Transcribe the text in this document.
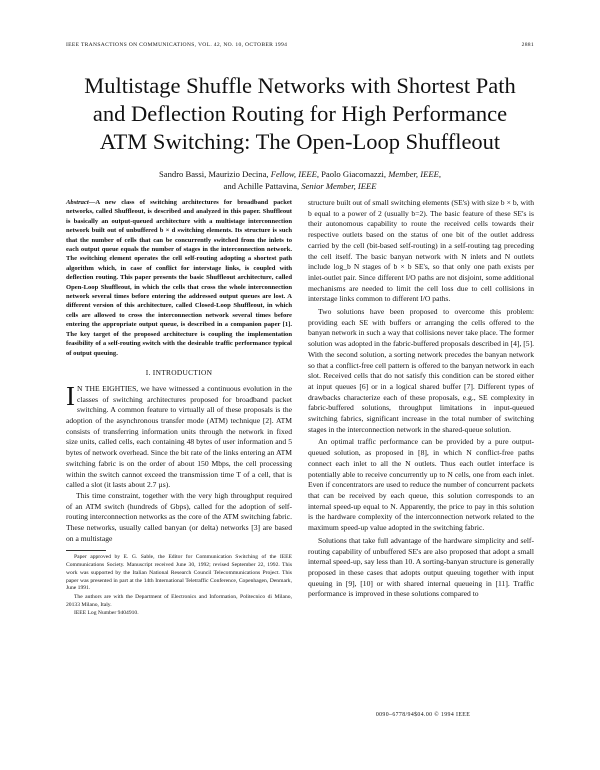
IEEE TRANSACTIONS ON COMMUNICATIONS, VOL. 42, NO. 10, OCTOBER 1994	2881
Multistage Shuffle Networks with Shortest Path
and Deflection Routing for High Performance
ATM Switching: The Open-Loop Shuffleout
Sandro Bassi, Maurizio Decina, Fellow, IEEE, Paolo Giacomazzi, Member, IEEE,
and Achille Pattavina, Senior Member, IEEE
Abstract—A new class of switching architectures for broadband packet networks, called Shuffleout, is described and analyzed in this paper. Shuffleout is basically an output-queued architecture with a multistage interconnection network built out of unbuffered b × d switching elements. Its structure is such that the number of cells that can be concurrently switched from the inlets to each output queue equals the number of stages in the interconnection network. The switching element operates the cell self-routing adopting a shortest path algorithm which, in case of conflict for interstage links, is coupled with deflection routing. This paper presents the basic Shuffleout architecture, called Open-Loop Shuffleout, in which the cells that cross the whole interconnection network several times before entering the addressed output queues are lost. A different version of this architecture, called Closed-Loop Shuffleout, in which cells are allowed to cross the interconnection network several times before entering the appropriate output queue, is described in a companion paper [1]. The key target of the proposed architecture is coupling the implementation feasibility of a self-routing switch with the desirable traffic performance typical of output queuing.
I. INTRODUCTION

I N THE EIGHTIES, we have witnessed a continuous evolution in the classes of switching architectures proposed for broadband packet switching. A common feature to virtually all of these proposals is the adoption of the asynchronous transfer mode (ATM) technique [2]. ATM consists of transferring information units through the network in fixed size units, called cells, each containing 48 bytes of user information and 5 bytes of network overhead. Since the bit rate of the links entering an ATM switching fabric is on the order of about 150 Mbps, the cell processing within the switch cannot exceed the transmission time T of a cell, that is called a slot (it lasts about 2.7 µs).

This time constraint, together with the very high throughput required of an ATM switch (hundreds of Gbps), called for the adoption of self-routing interconnection networks as the core of the ATM switching fabric. These networks, usually called banyan (or delta) networks [3] are based on a multistage

Paper approved by E. G. Sable, the Editor for Communication Switching of the IEEE Communications Society. Manuscript received June 30, 1992; revised September 22, 1992. This work was supported by the Italian National Research Council Telecommunications Project. This paper was presented in part at the 14th International Teletraffic Conference, Copenhagen, Denmark, June 1991.

The authors are with the Department of Electronics and Information, Politecnico di Milano, 20133 Milano, Italy.

IEEE Log Number 9404910.

structure built out of small switching elements (SE's) with size b × b, with b equal to a power of 2 (usually b=2). The basic feature of these SE's is their autonomous capability to route the received cells towards their respective outlets based on the status of one bit of the outlet address carried by the cell (bit-based self-routing) in a self-routing tag preceding the cell itself. The basic banyan network with N inlets and N outlets include log_b N stages of b × b SE's, so that only one path exists per inlet-outlet pair. Since different I/O paths are not disjoint, some additional mechanisms are needed to limit the cell loss due to cell collisions in interstage links common to different I/O paths.

Two solutions have been proposed to overcome this problem: providing each SE with buffers or arranging the cells offered to the banyan network in such a way that collisions never take place. The former solution was adopted in the fabric-buffered proposals described in [4], [5]. With the second solution, a sorting network precedes the banyan network so that a conflict-free cell pattern is offered to the banyan network in each slot. Received cells that do not satisfy this condition can be stored either at input queues [6] or in a logical shared buffer [7]. Different types of drawbacks characterize each of these proposals, e.g., SE complexity in fabric-buffered solutions, throughput limitations in input-queued switching fabrics, significant increase in the total number of switching stages in the interconnection network in the shared-queue solution.

An optimal traffic performance can be provided by a pure output-queued solution, as proposed in [8], in which N conflict-free paths connect each inlet to all the N outlets. Thus each outlet interface is potentially able to receive concurrently up to N cells, one from each inlet. Even if concentrators are used to reduce the number of concurrent packets that can be received by each queue, this solution corresponds to an internal speed-up equal to N. Apparently, the price to pay in this solution is the hardware complexity of the interconnection network related to the maximum speed-up value adopted in the switching fabric.

Solutions that take full advantage of the hardware simplicity and self-routing capability of unbuffered SE's are also proposed that adopt a small internal speed-up, say less than 10. A sorting-banyan structure is generally proposed in these cases that adopts output queuing together with input queuing in [9], [10] or with shared internal queueing in [11]. Traffic performance is improved in these solutions compared to

0090–6778/94$04.00 © 1994 IEEE
